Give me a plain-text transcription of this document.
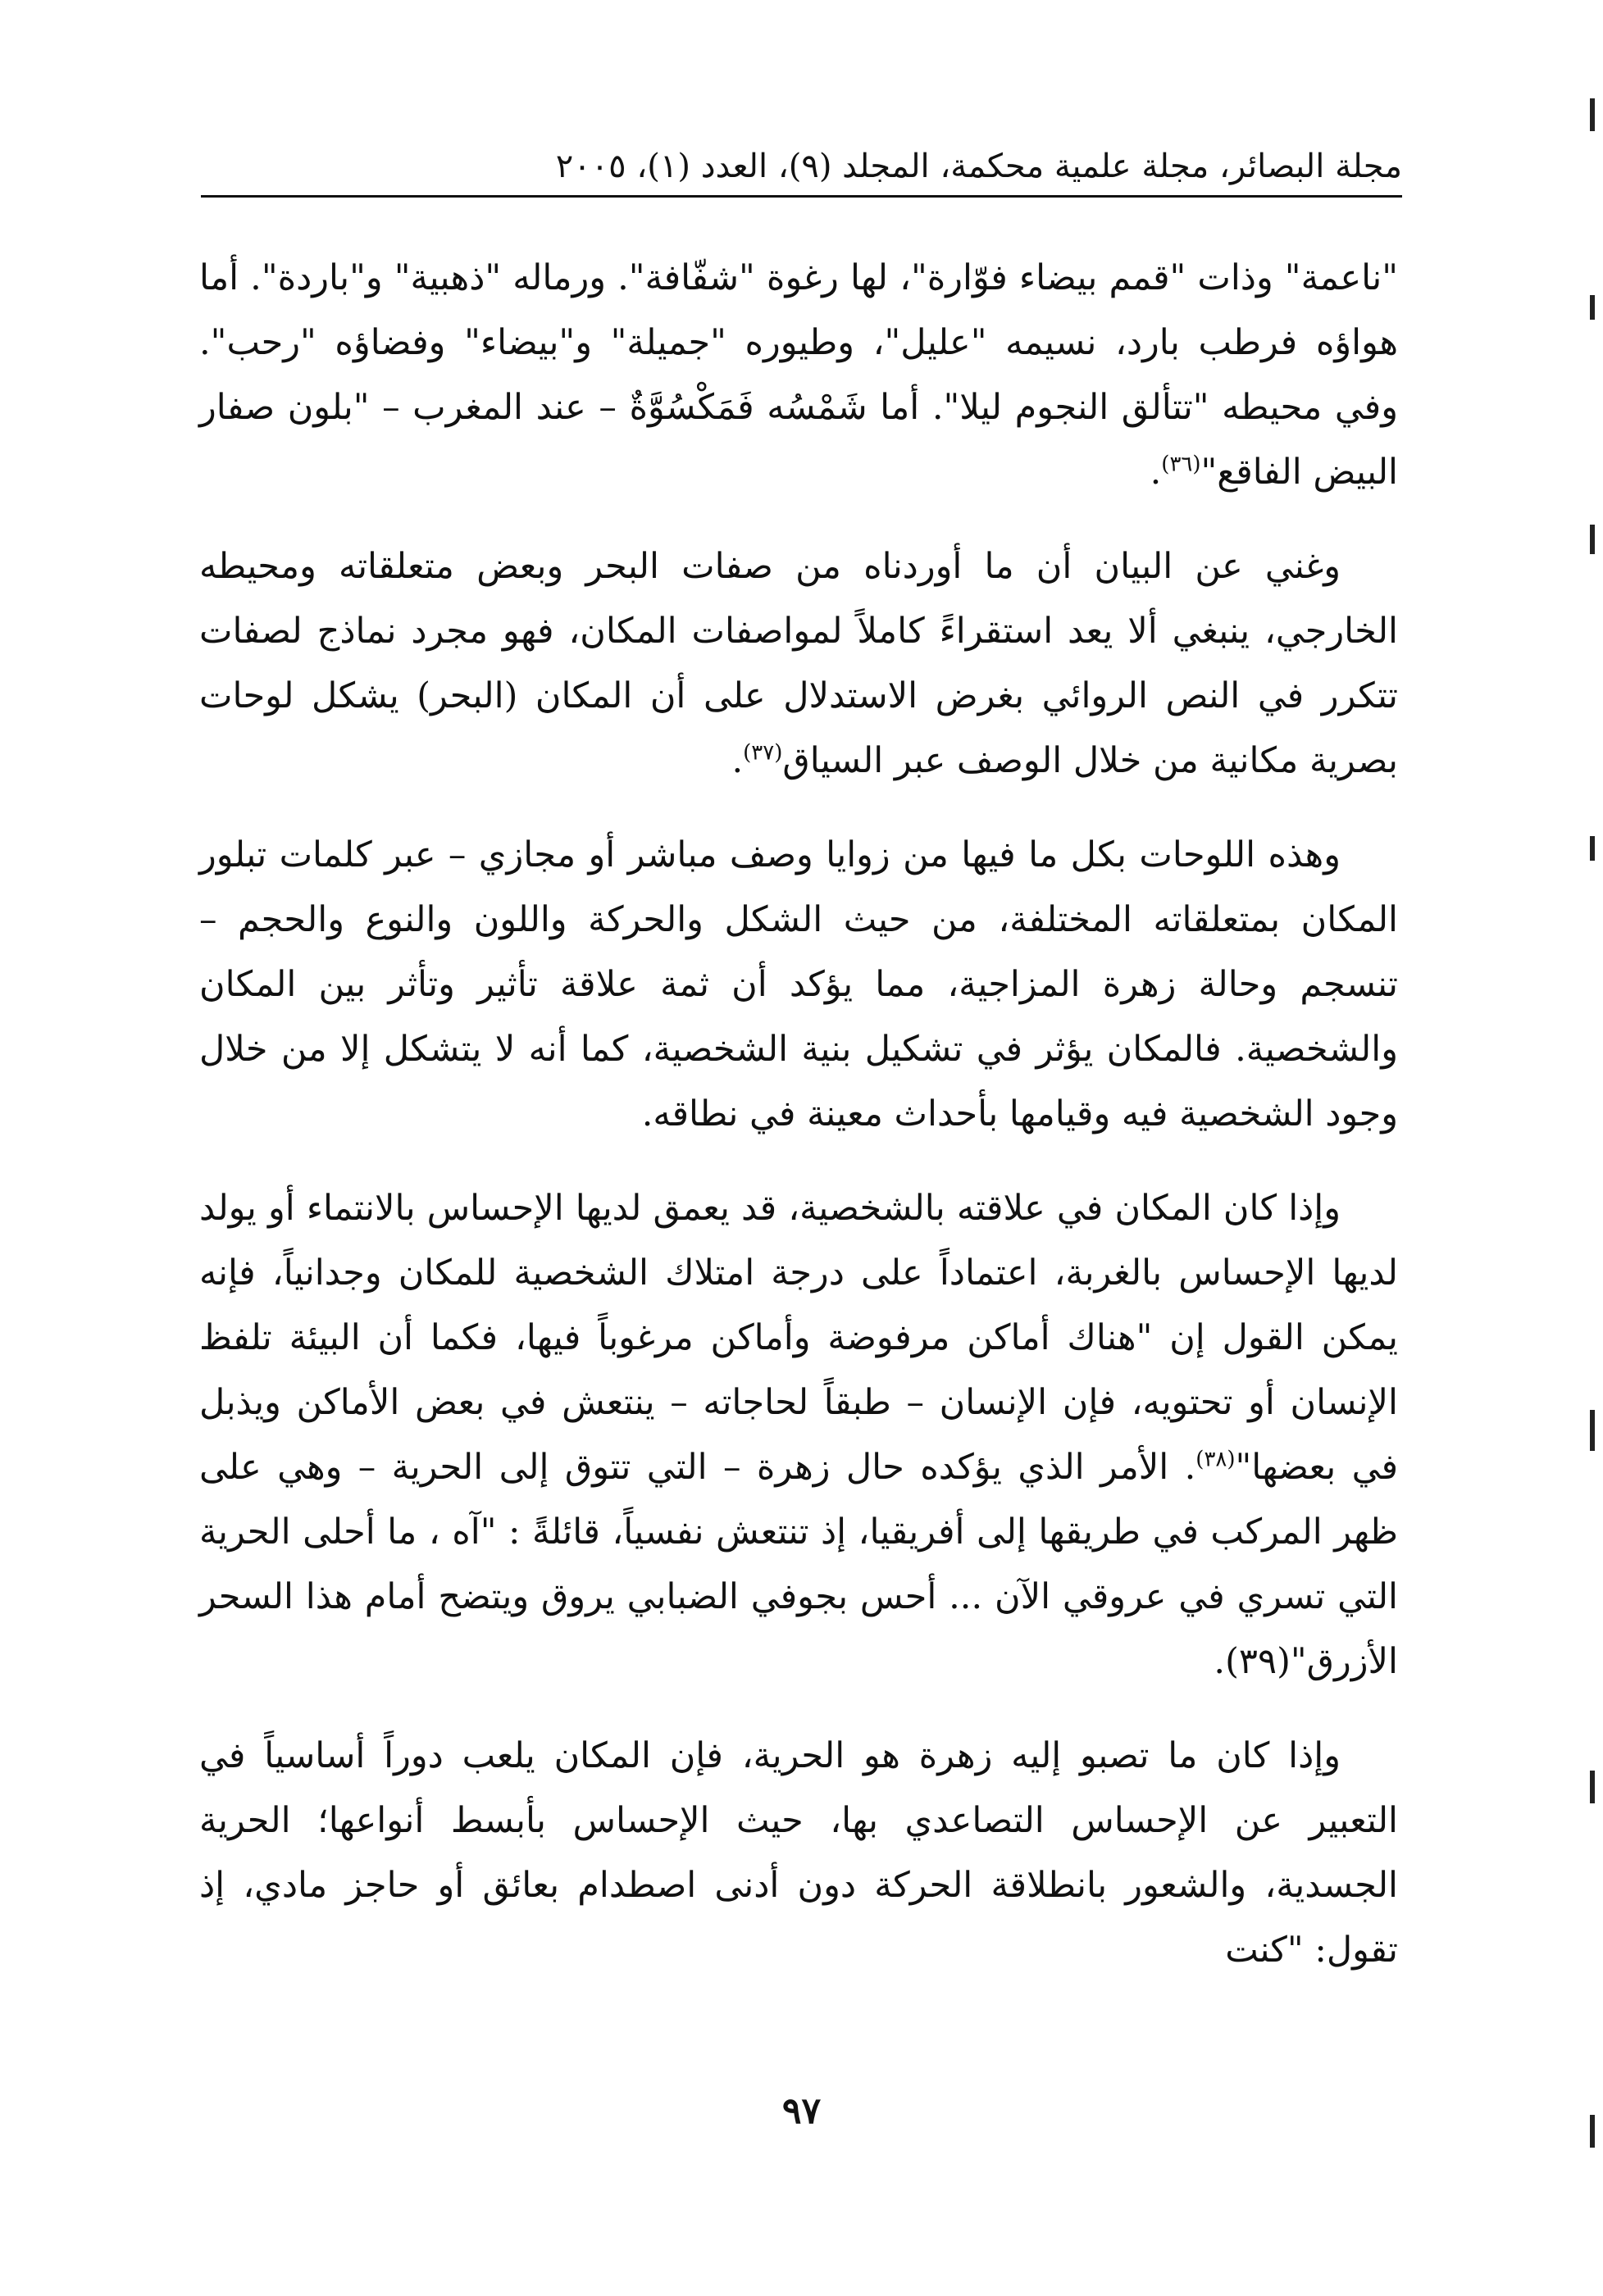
مجلة البصائر، مجلة علمية محكمة، المجلد (٩)، العدد (١)، ٢٠٠٥

"ناعمة" وذات "قمم بيضاء فوّارة"، لها رغوة "شفّافة". ورماله "ذهبية" و"باردة". أما هواؤه فرطب بارد، نسيمه "عليل"، وطيوره "جميلة" و"بيضاء" وفضاؤه "رحب". وفي محيطه "تتألق النجوم ليلا". أما شَمْسُه فَمَكْسُوَّةٌ – عند المغرب – "بلون صفار البيض الفاقع"$^{(٣٦)}$.

وغني عن البيان أن ما أوردناه من صفات البحر وبعض متعلقاته ومحيطه الخارجي، ينبغي ألا يعد استقراءً كاملاً لمواصفات المكان، فهو مجرد نماذج لصفات تتكرر في النص الروائي بغرض الاستدلال على أن المكان (البحر) يشكل لوحات بصرية مكانية من خلال الوصف عبر السياق$^{(٣٧)}$.

وهذه اللوحات بكل ما فيها من زوايا وصف مباشر أو مجازي – عبر كلمات تبلور المكان بمتعلقاته المختلفة، من حيث الشكل والحركة واللون والنوع والحجم – تنسجم وحالة زهرة المزاجية، مما يؤكد أن ثمة علاقة تأثير وتأثر بين المكان والشخصية. فالمكان يؤثر في تشكيل بنية الشخصية، كما أنه لا يتشكل إلا من خلال وجود الشخصية فيه وقيامها بأحداث معينة في نطاقه.

وإذا كان المكان في علاقته بالشخصية، قد يعمق لديها الإحساس بالانتماء أو يولد لديها الإحساس بالغربة، اعتماداً على درجة امتلاك الشخصية للمكان وجدانياً، فإنه يمكن القول إن "هناك أماكن مرفوضة وأماكن مرغوباً فيها، فكما أن البيئة تلفظ الإنسان أو تحتويه، فإن الإنسان – طبقاً لحاجاته – ينتعش في بعض الأماكن ويذبل في بعضها"$^{(٣٨)}$. الأمر الذي يؤكده حال زهرة – التي تتوق إلى الحرية – وهي على ظهر المركب في طريقها إلى أفريقيا، إذ تنتعش نفسياً، قائلةً : "آه ، ما أحلى الحرية التي تسري في عروقي الآن ... أحس بجوفي الضبابي يروق ويتضح أمام هذا السحر الأزرق"(٣٩).

وإذا كان ما تصبو إليه زهرة هو الحرية، فإن المكان يلعب دوراً أساسياً في التعبير عن الإحساس التصاعدي بها، حيث الإحساس بأبسط أنواعها؛ الحرية الجسدية، والشعور بانطلاقة الحركة دون أدنى اصطدام بعائق أو حاجز مادي، إذ تقول: "كنت

٩٧
